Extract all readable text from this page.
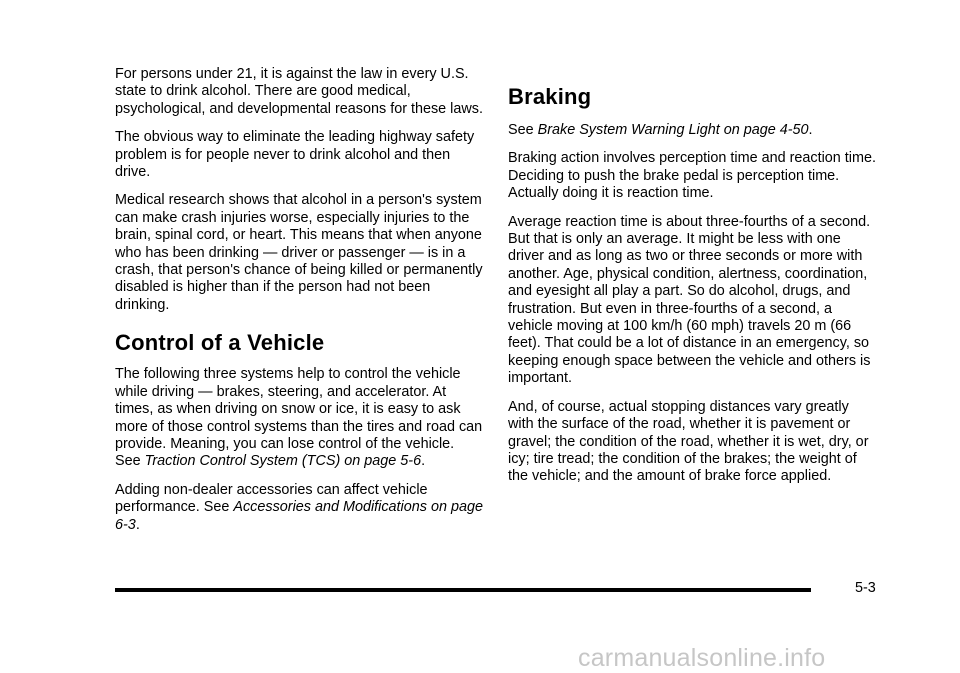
For persons under 21, it is against the law in every U.S. state to drink alcohol. There are good medical, psychological, and developmental reasons for these laws.

The obvious way to eliminate the leading highway safety problem is for people never to drink alcohol and then drive.

Medical research shows that alcohol in a person's system can make crash injuries worse, especially injuries to the brain, spinal cord, or heart. This means that when anyone who has been drinking — driver or passenger — is in a crash, that person's chance of being killed or permanently disabled is higher than if the person had not been drinking.

Control of a Vehicle

The following three systems help to control the vehicle while driving — brakes, steering, and accelerator. At times, as when driving on snow or ice, it is easy to ask more of those control systems than the tires and road can provide. Meaning, you can lose control of the vehicle. See Traction Control System (TCS) on page 5-6.

Adding non-dealer accessories can affect vehicle performance. See Accessories and Modifications on page 6-3.

Braking

See Brake System Warning Light on page 4-50.

Braking action involves perception time and reaction time. Deciding to push the brake pedal is perception time. Actually doing it is reaction time.

Average reaction time is about three-fourths of a second. But that is only an average. It might be less with one driver and as long as two or three seconds or more with another. Age, physical condition, alertness, coordination, and eyesight all play a part. So do alcohol, drugs, and frustration. But even in three-fourths of a second, a vehicle moving at 100 km/h (60 mph) travels 20 m (66 feet). That could be a lot of distance in an emergency, so keeping enough space between the vehicle and others is important.

And, of course, actual stopping distances vary greatly with the surface of the road, whether it is pavement or gravel; the condition of the road, whether it is wet, dry, or icy; tire tread; the condition of the brakes; the weight of the vehicle; and the amount of brake force applied.

5-3
carmanualsonline.info
